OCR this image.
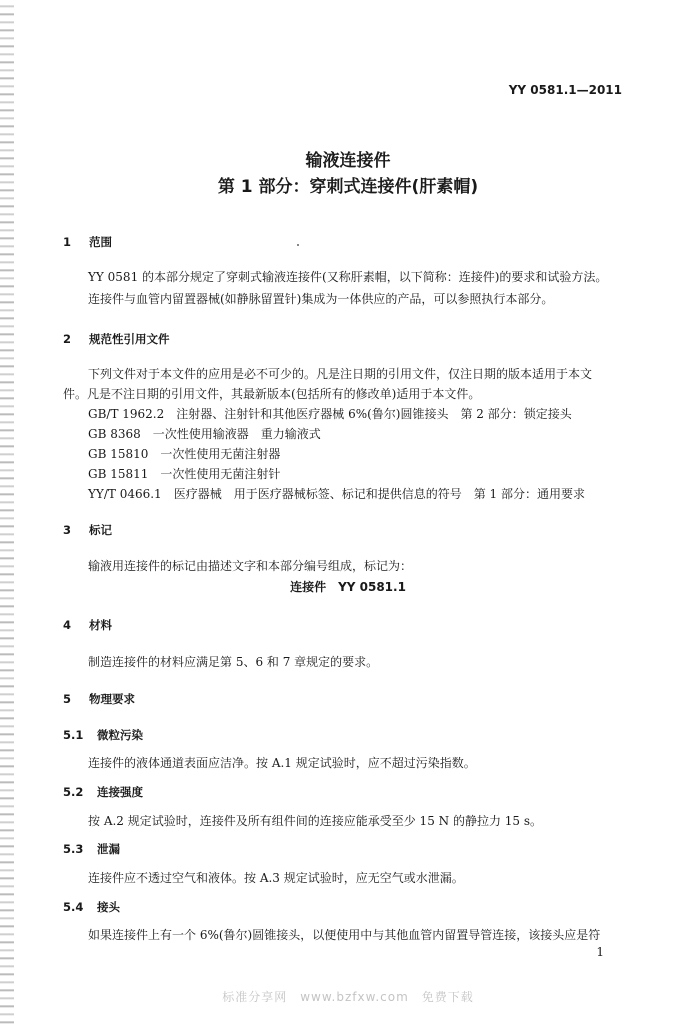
YY 0581.1—2011
输液连接件
第 1 部分：穿刺式连接件(肝素帽)
1 范围
YY 0581 的本部分规定了穿刺式输液连接件(又称肝素帽，以下简称：连接件)的要求和试验方法。
连接件与血管内留置器械(如静脉留置针)集成为一体供应的产品，可以参照执行本部分。
2 规范性引用文件
下列文件对于本文件的应用是必不可少的。凡是注日期的引用文件，仅注日期的版本适用于本文
件。凡是不注日期的引用文件，其最新版本(包括所有的修改单)适用于本文件。
GB/T 1962.2　注射器、注射针和其他医疗器械 6%(鲁尔)圆锥接头　第 2 部分：锁定接头
GB 8368　一次性使用输液器　重力输液式
GB 15810　一次性使用无菌注射器
GB 15811　一次性使用无菌注射针
YY/T 0466.1　医疗器械　用于医疗器械标签、标记和提供信息的符号　第 1 部分：通用要求
3 标记
输液用连接件的标记由描述文字和本部分编号组成，标记为：
连接件　YY 0581.1
4 材料
制造连接件的材料应满足第 5、6 和 7 章规定的要求。
5 物理要求
5.1 微粒污染
连接件的液体通道表面应洁净。按 A.1 规定试验时，应不超过污染指数。
5.2 连接强度
按 A.2 规定试验时，连接件及所有组件间的连接应能承受至少 15 N 的静拉力 15 s。
5.3 泄漏
连接件应不透过空气和液体。按 A.3 规定试验时，应无空气或水泄漏。
5.4 接头
如果连接件上有一个 6%(鲁尔)圆锥接头，以便使用中与其他血管内留置导管连接，该接头应是符
1
标准分享网　www.bzfxw.com　免费下载
